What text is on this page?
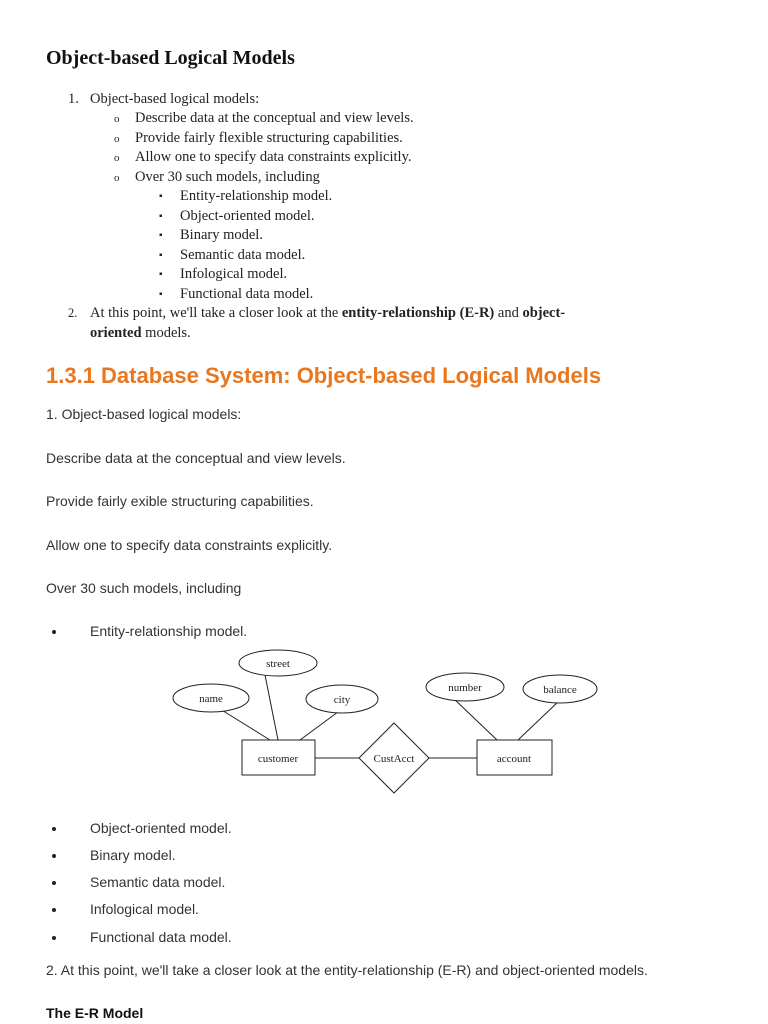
Object-based Logical Models
1. Object-based logical models:
o Describe data at the conceptual and view levels.
o Provide fairly flexible structuring capabilities.
o Allow one to specify data constraints explicitly.
o Over 30 such models, including
▪ Entity-relationship model.
▪ Object-oriented model.
▪ Binary model.
▪ Semantic data model.
▪ Infological model.
▪ Functional data model.
2. At this point, we'll take a closer look at the entity-relationship (E-R) and object-
oriented models.
1.3.1 Database System: Object-based Logical Models
1. Object-based logical models:
Describe data at the conceptual and view levels.
Provide fairly exible structuring capabilities.
Allow one to specify data constraints explicitly.
Over 30 such models, including
Entity-relationship model.
street
name	city
number	balance
customer	account
CustAcct
Object-oriented model.
Binary model.
Semantic data model.
Infological model.
Functional data model.
2. At this point, we'll take a closer look at the entity-relationship (E-R) and object-oriented models.
The E-R Model
